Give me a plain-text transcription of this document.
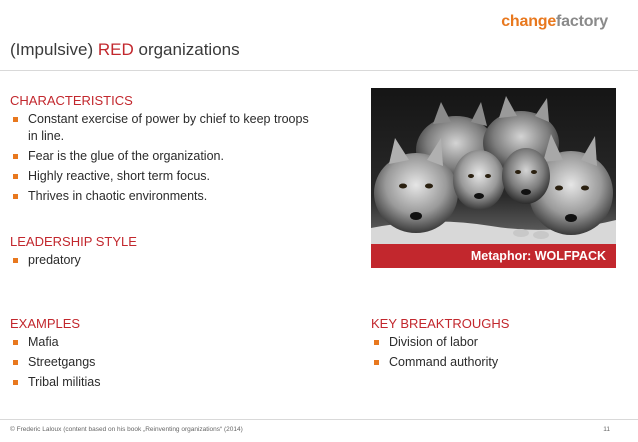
changefactory
(Impulsive) RED organizations
CHARACTERISTICS
Constant exercise of power by chief to keep troops in line.
Fear is the glue of the organization.
Highly reactive, short term focus.
Thrives in chaotic environments.
LEADERSHIP STYLE
predatory	Metaphor: WOLFPACK
EXAMPLES
Mafia
Streetgangs
Tribal militias
KEY BREAKTROUGHS
Division of labor
Command authority
© Frederic Laloux (content based on his book „Reinventing organizations“ (2014)	11
